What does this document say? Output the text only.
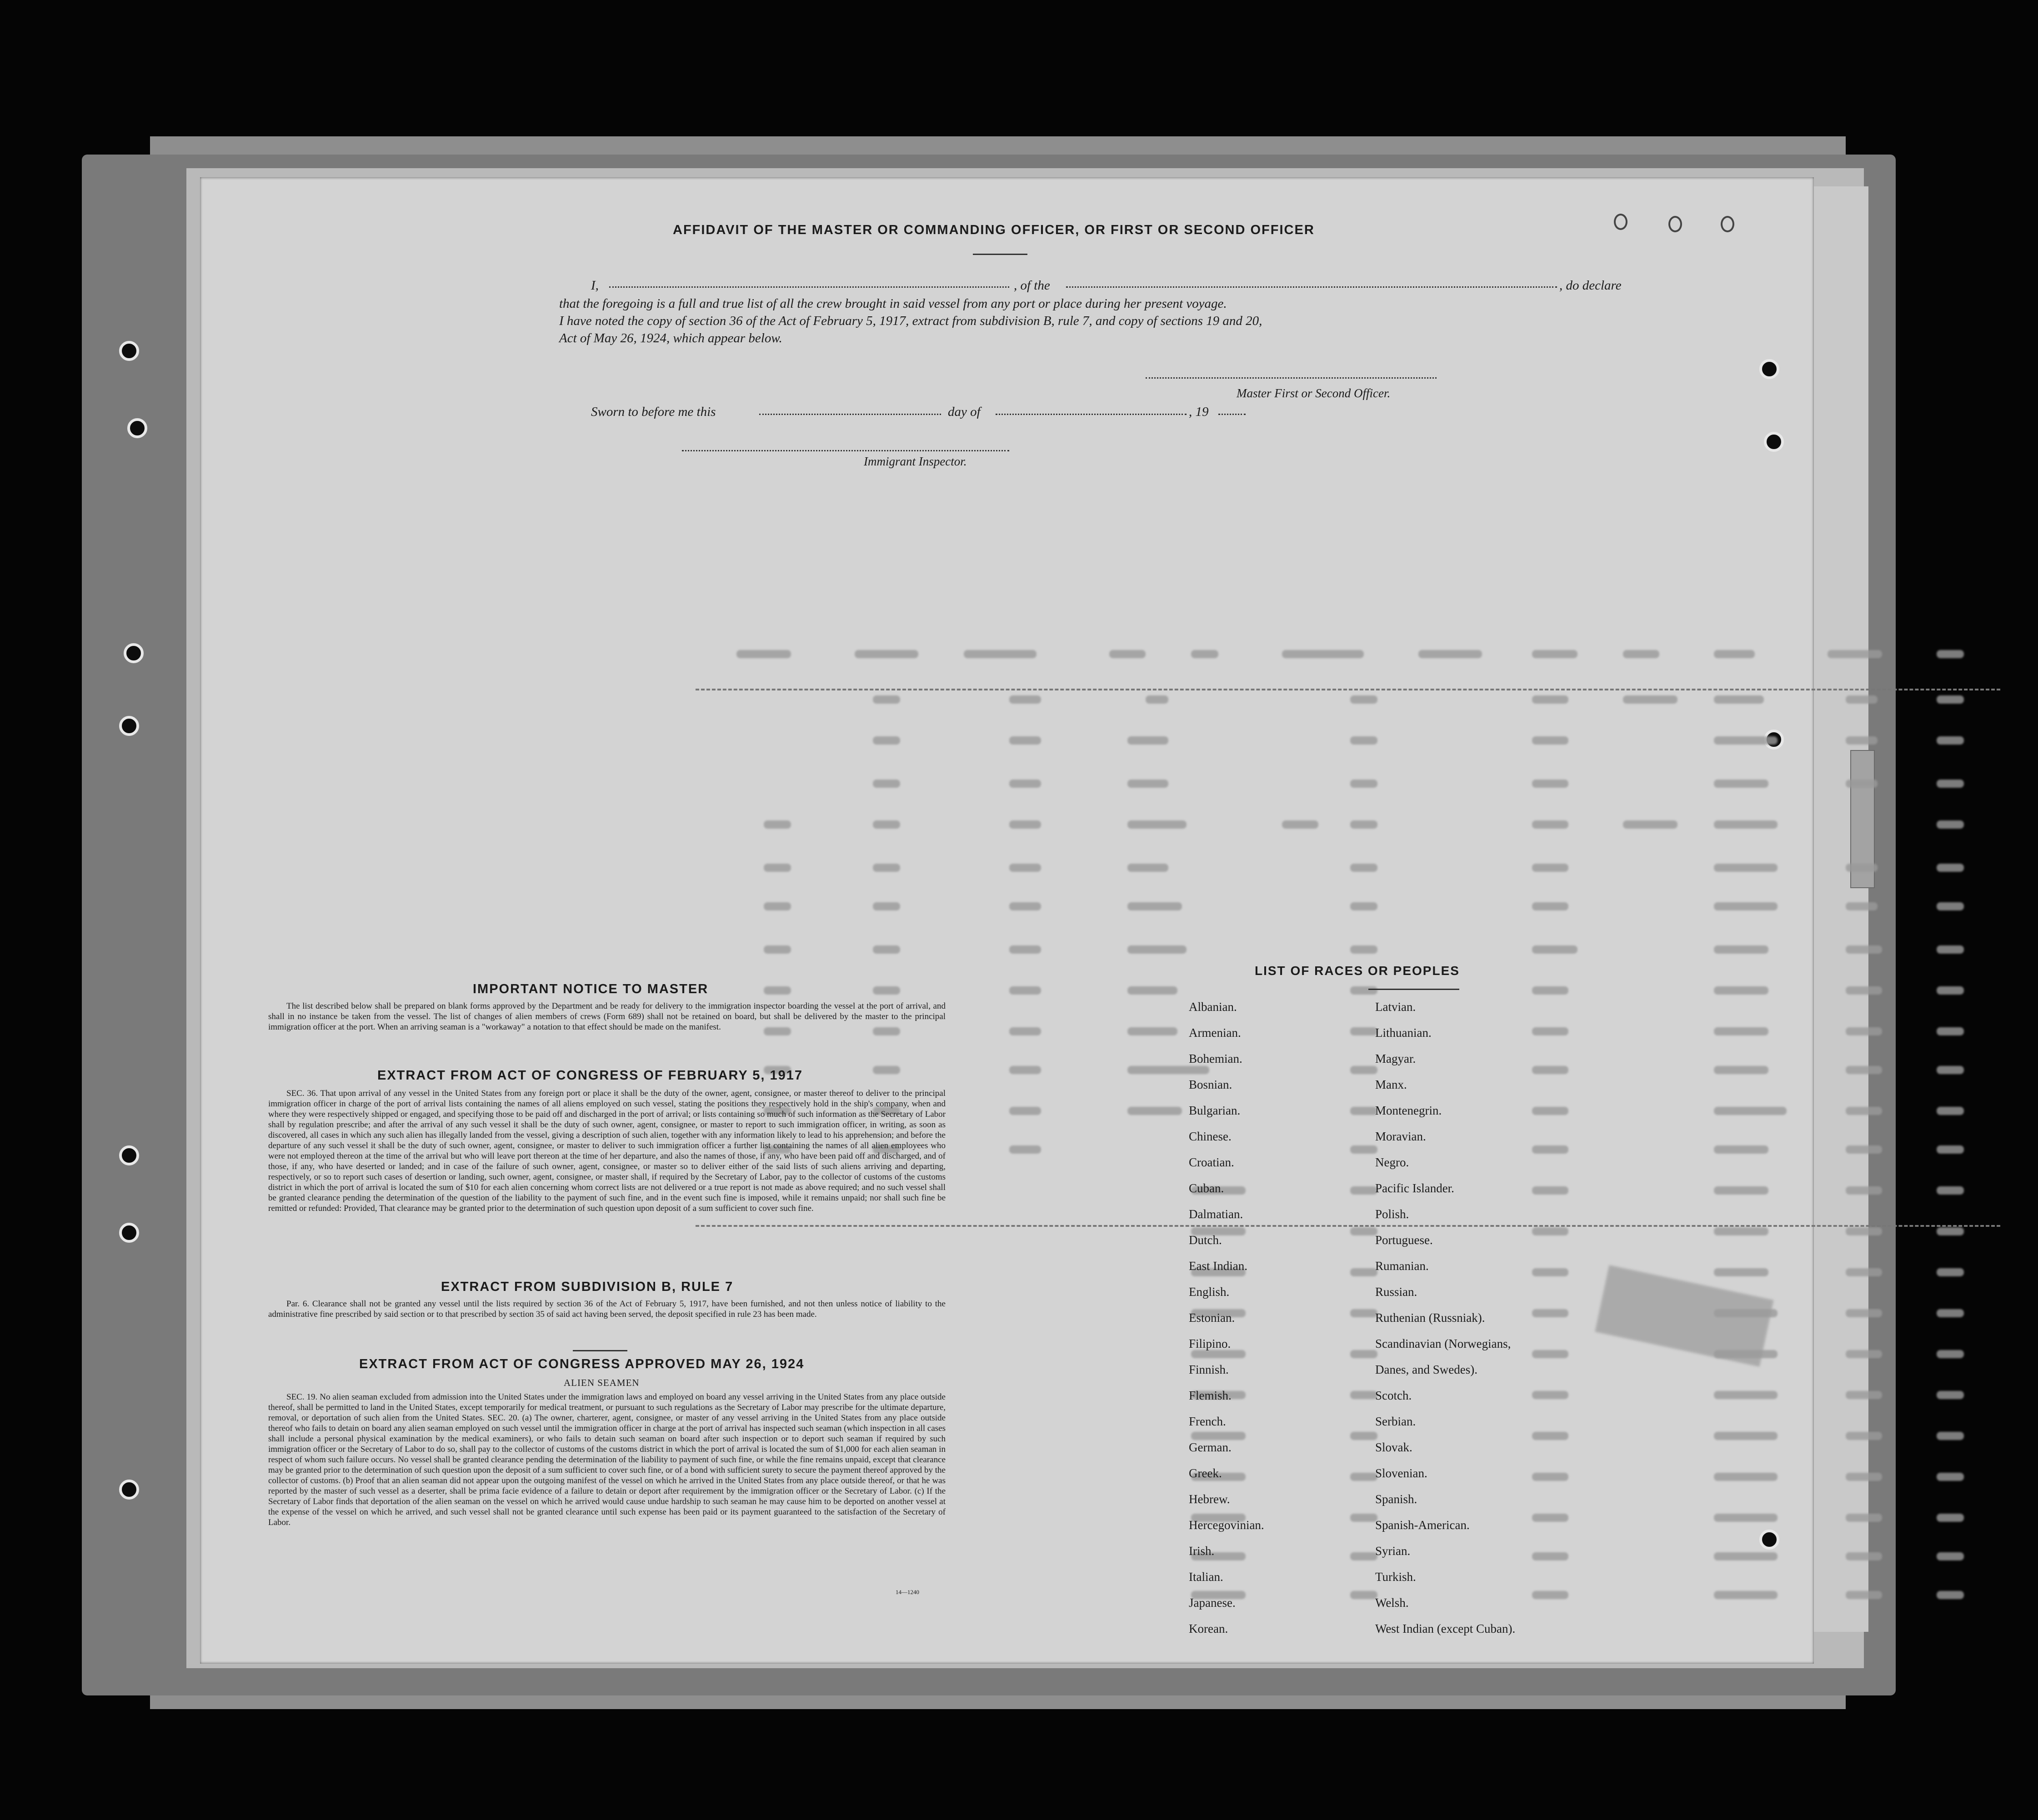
AFFIDAVIT OF THE MASTER OR COMMANDING OFFICER, OR FIRST OR SECOND OFFICER
I,	, of the	, do declare
that the foregoing is a full and true list of all the crew brought in said vessel from any port or place during her present voyage.
I have noted the copy of section 36 of the Act of February 5, 1917, extract from subdivision B, rule 7, and copy of sections 19 and 20,
Act of May 26, 1924, which appear below.
Master First or Second Officer.
Sworn to before me this	day of	, 19
Immigrant Inspector.
IMPORTANT NOTICE TO MASTER
The list described below shall be prepared on blank forms approved by the Department and be ready for delivery to the immigration inspector boarding the vessel at the port of arrival, and shall in no instance be taken from the vessel. The list of changes of alien members of crews (Form 689) shall not be retained on board, but shall be delivered by the master to the principal immigration officer at the port. When an arriving seaman is a "workaway" a notation to that effect should be made on the manifest.
EXTRACT FROM ACT OF CONGRESS OF FEBRUARY 5, 1917
SEC. 36. That upon arrival of any vessel in the United States from any foreign port or place it shall be the duty of the owner, agent, consignee, or master thereof to deliver to the principal immigration officer in charge of the port of arrival lists containing the names of all aliens employed on such vessel, stating the positions they respectively hold in the ship's company, when and where they were respectively shipped or engaged, and specifying those to be paid off and discharged in the port of arrival; or lists containing so much of such information as the Secretary of Labor shall by regulation prescribe; and after the arrival of any such vessel it shall be the duty of such owner, agent, consignee, or master to report to such immigration officer, in writing, as soon as discovered, all cases in which any such alien has illegally landed from the vessel, giving a description of such alien, together with any information likely to lead to his apprehension; and before the departure of any such vessel it shall be the duty of such owner, agent, consignee, or master to deliver to such immigration officer a further list containing the names of all alien employees who were not employed thereon at the time of the arrival but who will leave port thereon at the time of her departure, and also the names of those, if any, who have been paid off and discharged, and of those, if any, who have deserted or landed; and in case of the failure of such owner, agent, consignee, or master so to deliver either of the said lists of such aliens arriving and departing, respectively, or so to report such cases of desertion or landing, such owner, agent, consignee, or master shall, if required by the Secretary of Labor, pay to the collector of customs of the customs district in which the port of arrival is located the sum of $10 for each alien concerning whom correct lists are not delivered or a true report is not made as above required; and no such vessel shall be granted clearance pending the determination of the question of the liability to the payment of such fine, and in the event such fine is imposed, while it remains unpaid; nor shall such fine be remitted or refunded: Provided, That clearance may be granted prior to the determination of such question upon deposit of a sum sufficient to cover such fine.
EXTRACT FROM SUBDIVISION B, RULE 7
Par. 6. Clearance shall not be granted any vessel until the lists required by section 36 of the Act of February 5, 1917, have been furnished, and not then unless notice of liability to the administrative fine prescribed by said section or to that prescribed by section 35 of said act having been served, the deposit specified in rule 23 has been made.
EXTRACT FROM ACT OF CONGRESS APPROVED MAY 26, 1924
ALIEN SEAMEN
SEC. 19. No alien seaman excluded from admission into the United States under the immigration laws and employed on board any vessel arriving in the United States from any place outside thereof, shall be permitted to land in the United States, except temporarily for medical treatment, or pursuant to such regulations as the Secretary of Labor may prescribe for the ultimate departure, removal, or deportation of such alien from the United States. SEC. 20. (a) The owner, charterer, agent, consignee, or master of any vessel arriving in the United States from any place outside thereof who fails to detain on board any alien seaman employed on such vessel until the immigration officer in charge at the port of arrival has inspected such seaman (which inspection in all cases shall include a personal physical examination by the medical examiners), or who fails to detain such seaman on board after such inspection or to deport such seaman if required by such immigration officer or the Secretary of Labor to do so, shall pay to the collector of customs of the customs district in which the port of arrival is located the sum of $1,000 for each alien seaman in respect of whom such failure occurs. No vessel shall be granted clearance pending the determination of the liability to payment of such fine, or while the fine remains unpaid, except that clearance may be granted prior to the determination of such question upon the deposit of a sum sufficient to cover such fine, or of a bond with sufficient surety to secure the payment thereof approved by the collector of customs. (b) Proof that an alien seaman did not appear upon the outgoing manifest of the vessel on which he arrived in the United States from any place outside thereof, or that he was reported by the master of such vessel as a deserter, shall be prima facie evidence of a failure to detain or deport after requirement by the immigration officer or the Secretary of Labor. (c) If the Secretary of Labor finds that deportation of the alien seaman on the vessel on which he arrived would cause undue hardship to such seaman he may cause him to be deported on another vessel at the expense of the vessel on which he arrived, and such vessel shall not be granted clearance until such expense has been paid or its payment guaranteed to the satisfaction of the Secretary of Labor.
14—1240
LIST OF RACES OR PEOPLES
Albanian.
Armenian.
Bohemian.
Bosnian.
Bulgarian.
Chinese.
Croatian.
Cuban.
Dalmatian.
Dutch.
East Indian.
English.
Estonian.
Filipino.
Finnish.
Flemish.
French.
German.
Greek.
Hebrew.
Hercegovinian.
Irish.
Italian.
Japanese.
Korean.
Latvian.
Lithuanian.
Magyar.
Manx.
Montenegrin.
Moravian.
Negro.
Pacific Islander.
Polish.
Portuguese.
Rumanian.
Russian.
Ruthenian (Russniak).
Scandinavian (Norwegians,
Danes, and Swedes).
Scotch.
Serbian.
Slovak.
Slovenian.
Spanish.
Spanish-American.
Syrian.
Turkish.
Welsh.
West Indian (except Cuban).
